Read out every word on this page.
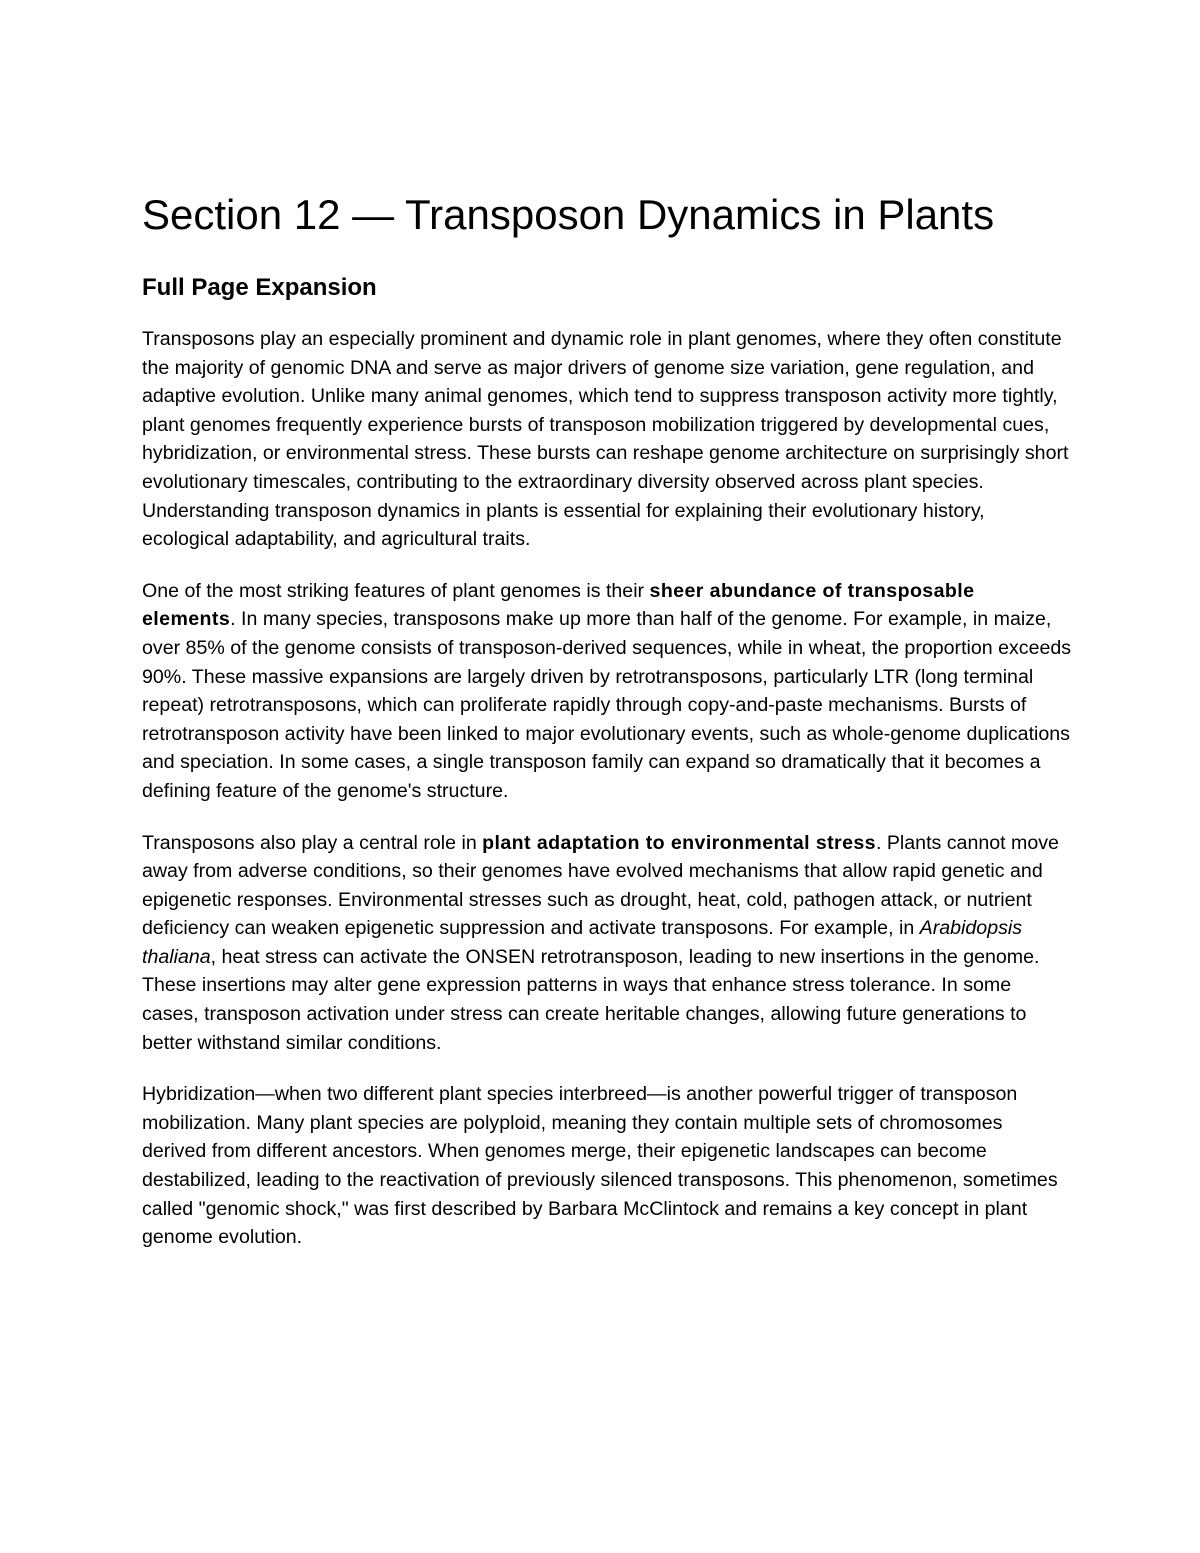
Section 12 — Transposon Dynamics in Plants
Full Page Expansion

Transposons play an especially prominent and dynamic role in plant genomes, where they often constitute the majority of genomic DNA and serve as major drivers of genome size variation, gene regulation, and adaptive evolution. Unlike many animal genomes, which tend to suppress transposon activity more tightly, plant genomes frequently experience bursts of transposon mobilization triggered by developmental cues, hybridization, or environmental stress. These bursts can reshape genome architecture on surprisingly short evolutionary timescales, contributing to the extraordinary diversity observed across plant species. Understanding transposon dynamics in plants is essential for explaining their evolutionary history, ecological adaptability, and agricultural traits.

One of the most striking features of plant genomes is their sheer abundance of transposable elements. In many species, transposons make up more than half of the genome. For example, in maize, over 85% of the genome consists of transposon-derived sequences, while in wheat, the proportion exceeds 90%. These massive expansions are largely driven by retrotransposons, particularly LTR (long terminal repeat) retrotransposons, which can proliferate rapidly through copy-and-paste mechanisms. Bursts of retrotransposon activity have been linked to major evolutionary events, such as whole-genome duplications and speciation. In some cases, a single transposon family can expand so dramatically that it becomes a defining feature of the genome's structure.

Transposons also play a central role in plant adaptation to environmental stress. Plants cannot move away from adverse conditions, so their genomes have evolved mechanisms that allow rapid genetic and epigenetic responses. Environmental stresses such as drought, heat, cold, pathogen attack, or nutrient deficiency can weaken epigenetic suppression and activate transposons. For example, in Arabidopsis thaliana, heat stress can activate the ONSEN retrotransposon, leading to new insertions in the genome. These insertions may alter gene expression patterns in ways that enhance stress tolerance. In some cases, transposon activation under stress can create heritable changes, allowing future generations to better withstand similar conditions.

Hybridization—when two different plant species interbreed—is another powerful trigger of transposon mobilization. Many plant species are polyploid, meaning they contain multiple sets of chromosomes derived from different ancestors. When genomes merge, their epigenetic landscapes can become destabilized, leading to the reactivation of previously silenced transposons. This phenomenon, sometimes called "genomic shock," was first described by Barbara McClintock and remains a key concept in plant genome evolution.
